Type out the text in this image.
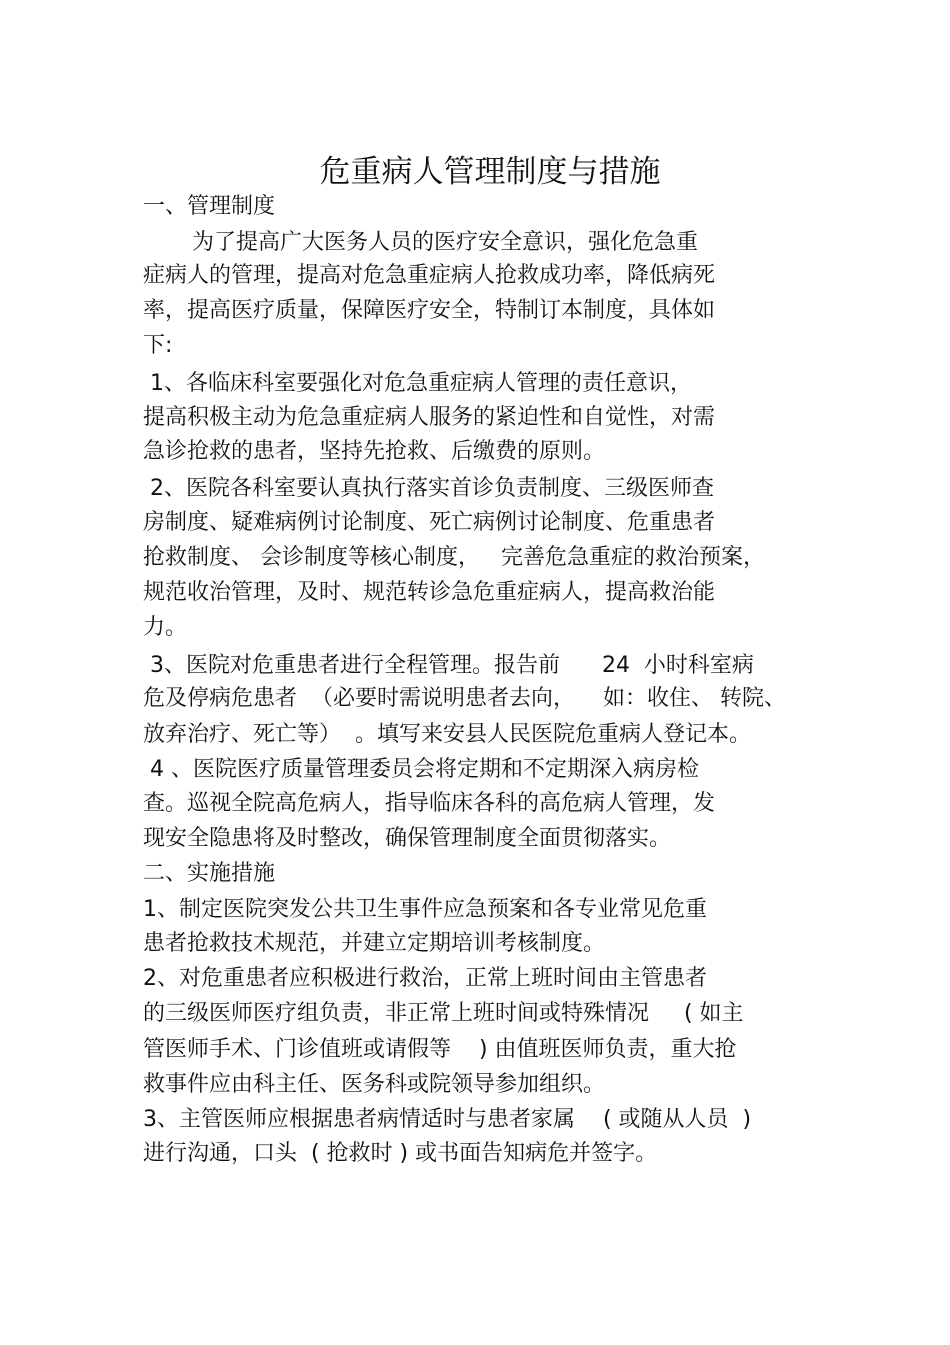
危重病人管理制度与措施
一、管理制度
为了提高广大医务人员的医疗安全意识，强化危急重
症病人的管理，提高对危急重症病人抢救成功率，降低病死
率，提高医疗质量，保障医疗安全，特制订本制度，具体如
下:
1、各临床科室要强化对危急重症病人管理的责任意识，
提高积极主动为危急重症病人服务的紧迫性和自觉性，对需
急诊抢救的患者，坚持先抢救、后缴费的原则。
2、医院各科室要认真执行落实首诊负责制度、三级医师查
房制度、疑难病例讨论制度、死亡病例讨论制度、危重患者
抢救制度、 会诊制度等核心制度，   完善危急重症的救治预案，
规范收治管理，及时、规范转诊急危重症病人，提高救治能
力。
3、医院对危重患者进行全程管理。报告前      24  小时科室病
危及停病危患者  （必要时需说明患者去向，    如：收住、 转院、
放弃治疗、死亡等）  。填写来安县人民医院危重病人登记本。
4 、医院医疗质量管理委员会将定期和不定期深入病房检
查。巡视全院高危病人，指导临床各科的高危病人管理，发
现安全隐患将及时整改，确保管理制度全面贯彻落实。
二、实施措施
1、制定医院突发公共卫生事件应急预案和各专业常见危重
患者抢救技术规范，并建立定期培训考核制度。
2、对危重患者应积极进行救治，正常上班时间由主管患者
的三级医师医疗组负责，非正常上班时间或特殊情况     ( 如主
管医师手术、门诊值班或请假等    ) 由值班医师负责，重大抢
救事件应由科主任、医务科或院领导参加组织。
3、主管医师应根据患者病情适时与患者家属    ( 或随从人员  )
进行沟通，口头  ( 抢救时 ) 或书面告知病危并签字。
